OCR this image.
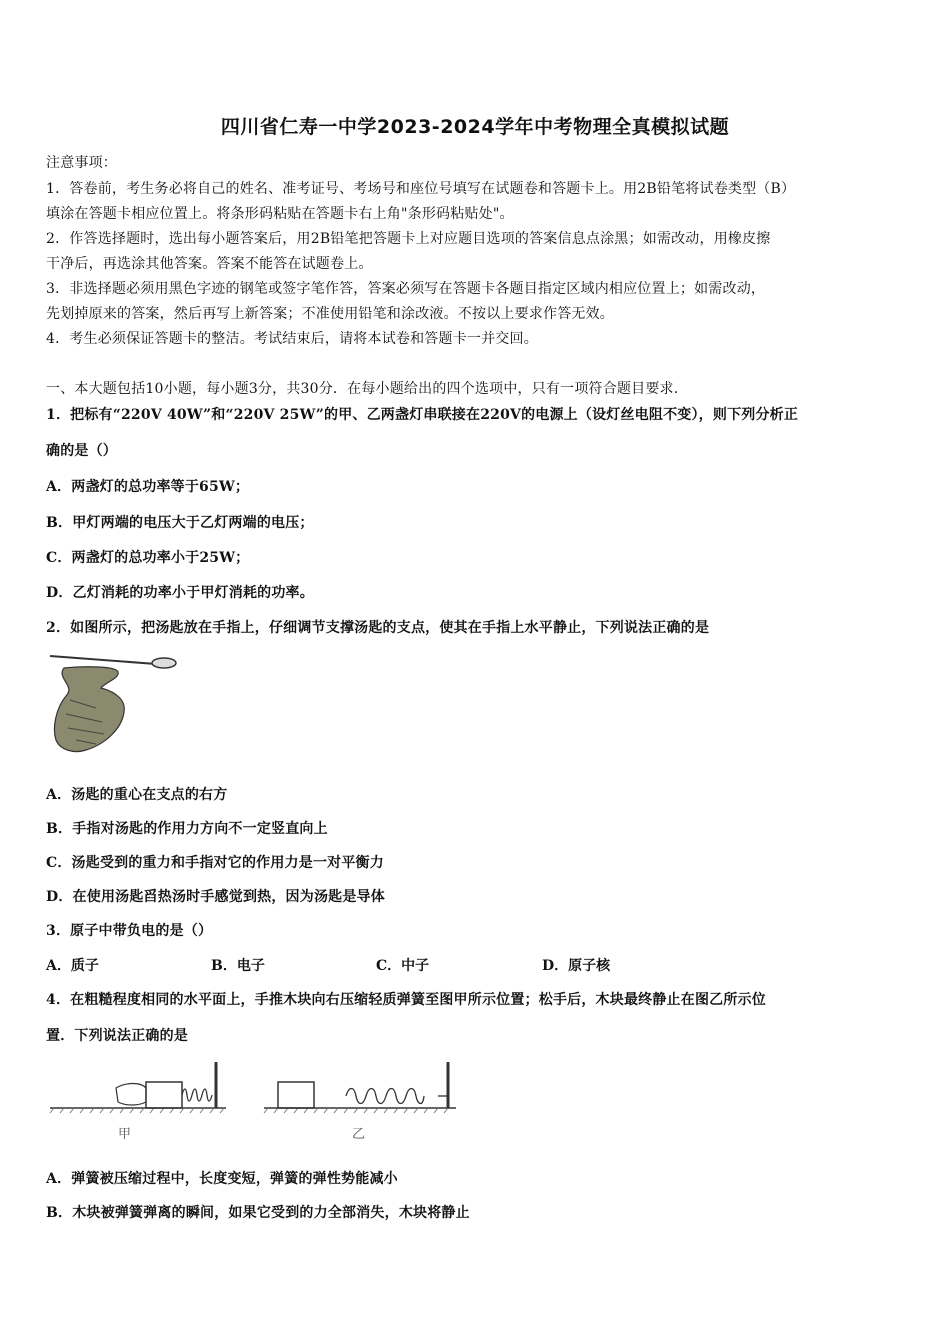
四川省仁寿一中学2023-2024学年中考物理全真模拟试题
注意事项：
1．答卷前，考生务必将自己的姓名、准考证号、考场号和座位号填写在试题卷和答题卡上。用2B铅笔将试卷类型（B）
填涂在答题卡相应位置上。将条形码粘贴在答题卡右上角"条形码粘贴处"。
2．作答选择题时，选出每小题答案后，用2B铅笔把答题卡上对应题目选项的答案信息点涂黑；如需改动，用橡皮擦
干净后，再选涂其他答案。答案不能答在试题卷上。
3．非选择题必须用黑色字迹的钢笔或签字笔作答，答案必须写在答题卡各题目指定区域内相应位置上；如需改动，
先划掉原来的答案，然后再写上新答案；不准使用铅笔和涂改液。不按以上要求作答无效。
4．考生必须保证答题卡的整洁。考试结束后，请将本试卷和答题卡一并交回。
一、本大题包括10小题，每小题3分，共30分．在每小题给出的四个选项中，只有一项符合题目要求．
1．把标有“220V 40W”和“220V 25W”的甲、乙两盏灯串联接在220V的电源上（设灯丝电阻不变），则下列分析正
确的是（）
A．两盏灯的总功率等于65W；
B．甲灯两端的电压大于乙灯两端的电压；
C．两盏灯的总功率小于25W；
D．乙灯消耗的功率小于甲灯消耗的功率。
2．如图所示，把汤匙放在手指上，仔细调节支撑汤匙的支点，使其在手指上水平静止，下列说法正确的是
A．汤匙的重心在支点的右方
B．手指对汤匙的作用力方向不一定竖直向上
C．汤匙受到的重力和手指对它的作用力是一对平衡力
D．在使用汤匙舀热汤时手感觉到热，因为汤匙是导体
3．原子中带负电的是（）
A．质子	B．电子	C．中子	D．原子核
4．在粗糙程度相同的水平面上，手推木块向右压缩轻质弹簧至图甲所示位置；松手后，木块最终静止在图乙所示位
置．下列说法正确的是
甲	乙
A．弹簧被压缩过程中，长度变短，弹簧的弹性势能减小
B．木块被弹簧弹离的瞬间，如果它受到的力全部消失，木块将静止
